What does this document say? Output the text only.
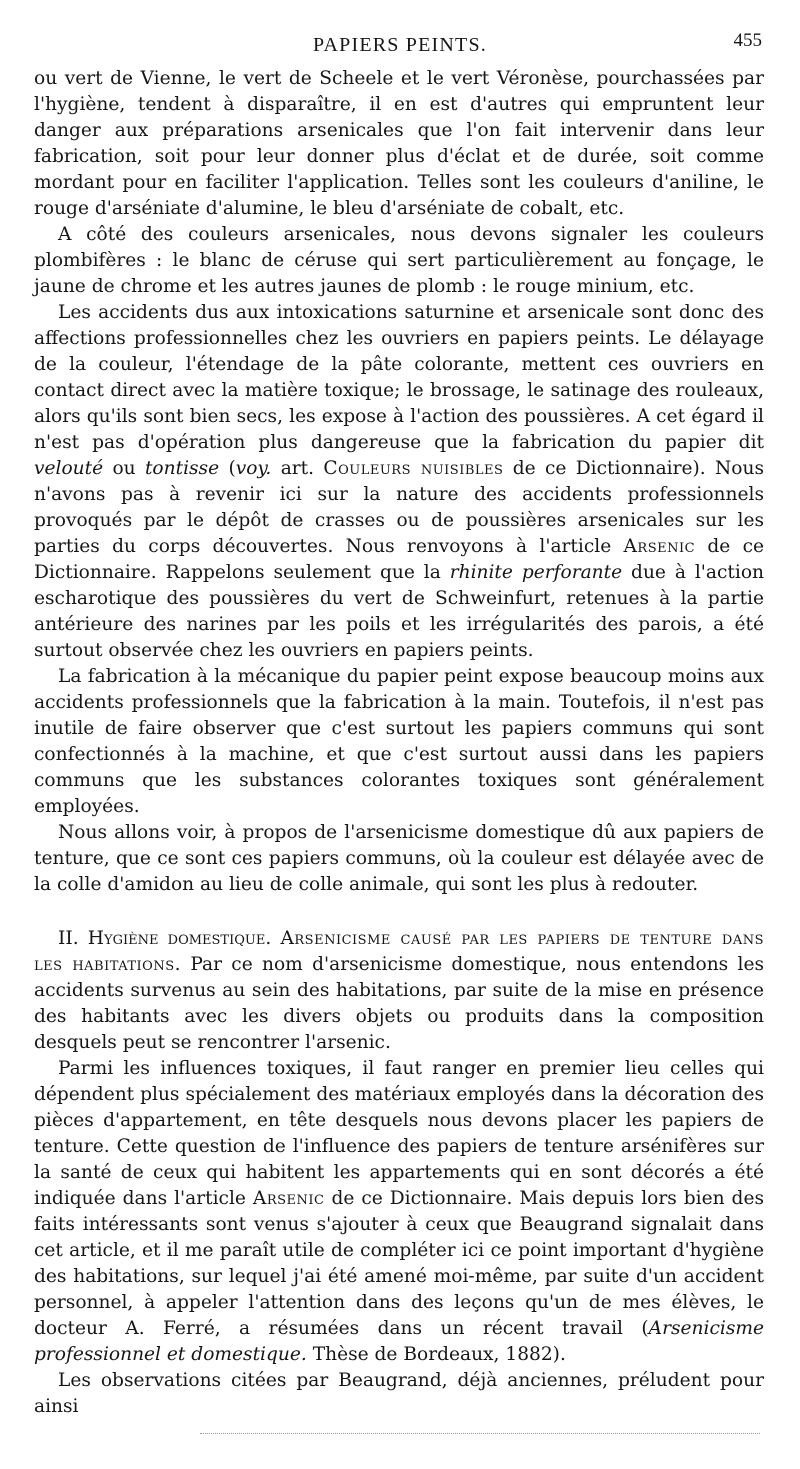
PAPIERS PEINTS.	455

ou vert de Vienne, le vert de Scheele et le vert Véronèse, pourchassées par l'hygiène, tendent à disparaître, il en est d'autres qui empruntent leur danger aux préparations arsenicales que l'on fait intervenir dans leur fabrication, soit pour leur donner plus d'éclat et de durée, soit comme mordant pour en faciliter l'application. Telles sont les couleurs d'aniline, le rouge d'arséniate d'alumine, le bleu d'arséniate de cobalt, etc.

A côté des couleurs arsenicales, nous devons signaler les couleurs plombifères : le blanc de céruse qui sert particulièrement au fonçage, le jaune de chrome et les autres jaunes de plomb : le rouge minium, etc.

Les accidents dus aux intoxications saturnine et arsenicale sont donc des affections professionnelles chez les ouvriers en papiers peints. Le délayage de la couleur, l'étendage de la pâte colorante, mettent ces ouvriers en contact direct avec la matière toxique; le brossage, le satinage des rouleaux, alors qu'ils sont bien secs, les expose à l'action des poussières. A cet égard il n'est pas d'opération plus dangereuse que la fabrication du papier dit velouté ou tontisse (voy. art. Couleurs nuisibles de ce Dictionnaire). Nous n'avons pas à revenir ici sur la nature des accidents professionnels provoqués par le dépôt de crasses ou de poussières arsenicales sur les parties du corps découvertes. Nous renvoyons à l'article Arsenic de ce Dictionnaire. Rappelons seulement que la rhinite perforante due à l'action escharotique des poussières du vert de Schweinfurt, retenues à la partie antérieure des narines par les poils et les irrégularités des parois, a été surtout observée chez les ouvriers en papiers peints.

La fabrication à la mécanique du papier peint expose beaucoup moins aux accidents professionnels que la fabrication à la main. Toutefois, il n'est pas inutile de faire observer que c'est surtout les papiers communs qui sont confectionnés à la machine, et que c'est surtout aussi dans les papiers communs que les substances colorantes toxiques sont généralement employées.

Nous allons voir, à propos de l'arsenicisme domestique dû aux papiers de tenture, que ce sont ces papiers communs, où la couleur est délayée avec de la colle d'amidon au lieu de colle animale, qui sont les plus à redouter.

II. Hygiène domestique. Arsenicisme causé par les papiers de tenture dans les habitations. Par ce nom d'arsenicisme domestique, nous entendons les accidents survenus au sein des habitations, par suite de la mise en présence des habitants avec les divers objets ou produits dans la composition desquels peut se rencontrer l'arsenic.

Parmi les influences toxiques, il faut ranger en premier lieu celles qui dépendent plus spécialement des matériaux employés dans la décoration des pièces d'appartement, en tête desquels nous devons placer les papiers de tenture. Cette question de l'influence des papiers de tenture arsénifères sur la santé de ceux qui habitent les appartements qui en sont décorés a été indiquée dans l'article Arsenic de ce Dictionnaire. Mais depuis lors bien des faits intéressants sont venus s'ajouter à ceux que Beaugrand signalait dans cet article, et il me paraît utile de compléter ici ce point important d'hygiène des habitations, sur lequel j'ai été amené moi-même, par suite d'un accident personnel, à appeler l'attention dans des leçons qu'un de mes élèves, le docteur A. Ferré, a résumées dans un récent travail (Arsenicisme professionnel et domestique. Thèse de Bordeaux, 1882).

Les observations citées par Beaugrand, déjà anciennes, préludent pour ainsi
